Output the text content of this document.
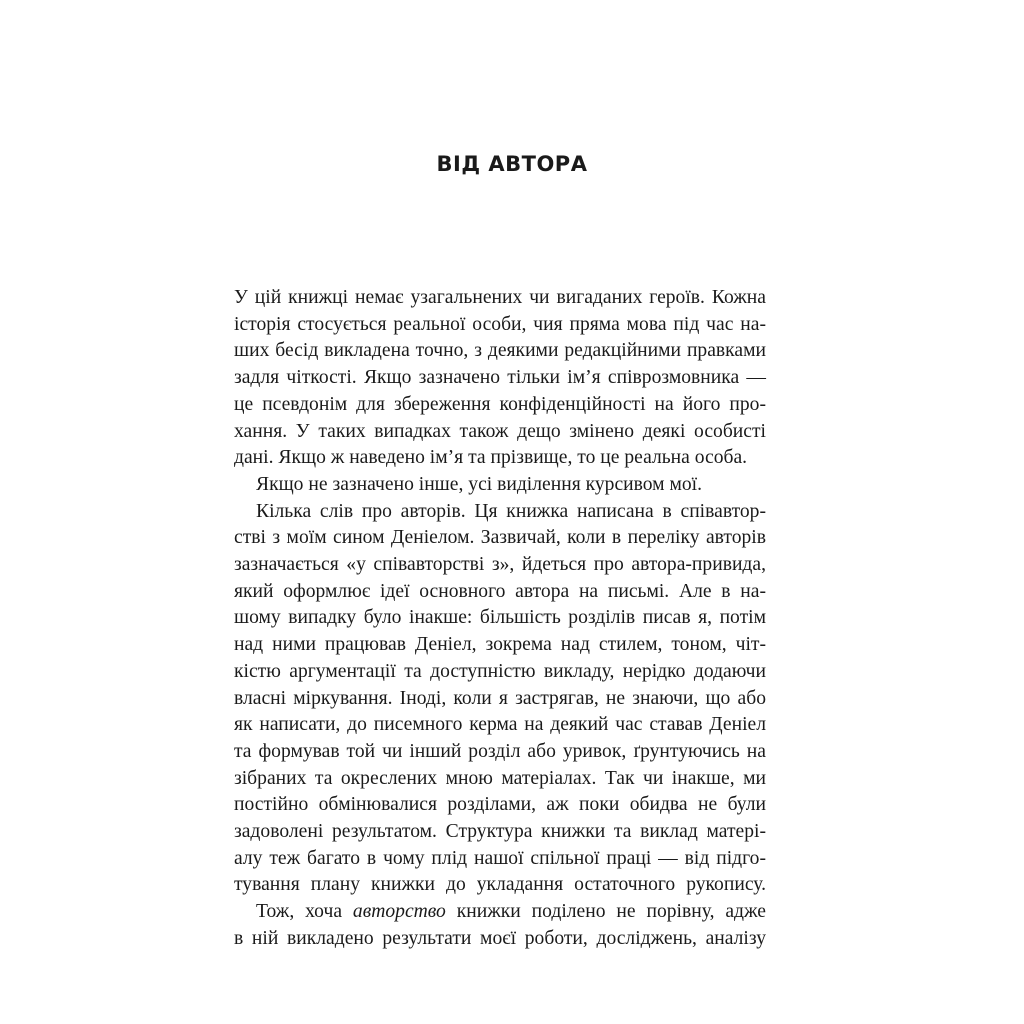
ВІД АВТОРА
У цій книжці немає узагальнених чи вигаданих героїв. Кожна
історія стосується реальної особи, чия пряма мова під час на-
ших бесід викладена точно, з деякими редакційними правками
задля чіткості. Якщо зазначено тільки ім’я співрозмовника —
це псевдонім для збереження конфіденційності на його про-
хання. У таких випадках також дещо змінено деякі особисті
дані. Якщо ж наведено ім’я та прізвище, то це реальна особа.
Якщо не зазначено інше, усі виділення курсивом мої.
Кілька слів про авторів. Ця книжка написана в співавтор-
стві з моїм сином Деніелом. Зазвичай, коли в переліку авторів
зазначається «у співавторстві з», йдеться про автора-привида,
який оформлює ідеї основного автора на письмі. Але в на-
шому випадку було інакше: більшість розділів писав я, потім
над ними працював Деніел, зокрема над стилем, тоном, чіт-
кістю аргументації та доступністю викладу, нерідко додаючи
власні міркування. Іноді, коли я застрягав, не знаючи, що або
як написати, до писемного керма на деякий час ставав Деніел
та формував той чи інший розділ або уривок, ґрунтуючись на
зібраних та окреслених мною матеріалах. Так чи інакше, ми
постійно обмінювалися розділами, аж поки обидва не були
задоволені результатом. Структура книжки та виклад матері-
алу теж багато в чому плід нашої спільної праці — від підго-
тування плану книжки до укладання остаточного рукопису.
Тож, хоча авторство книжки поділено не порівну, адже
в ній викладено результати моєї роботи, досліджень, аналізу
